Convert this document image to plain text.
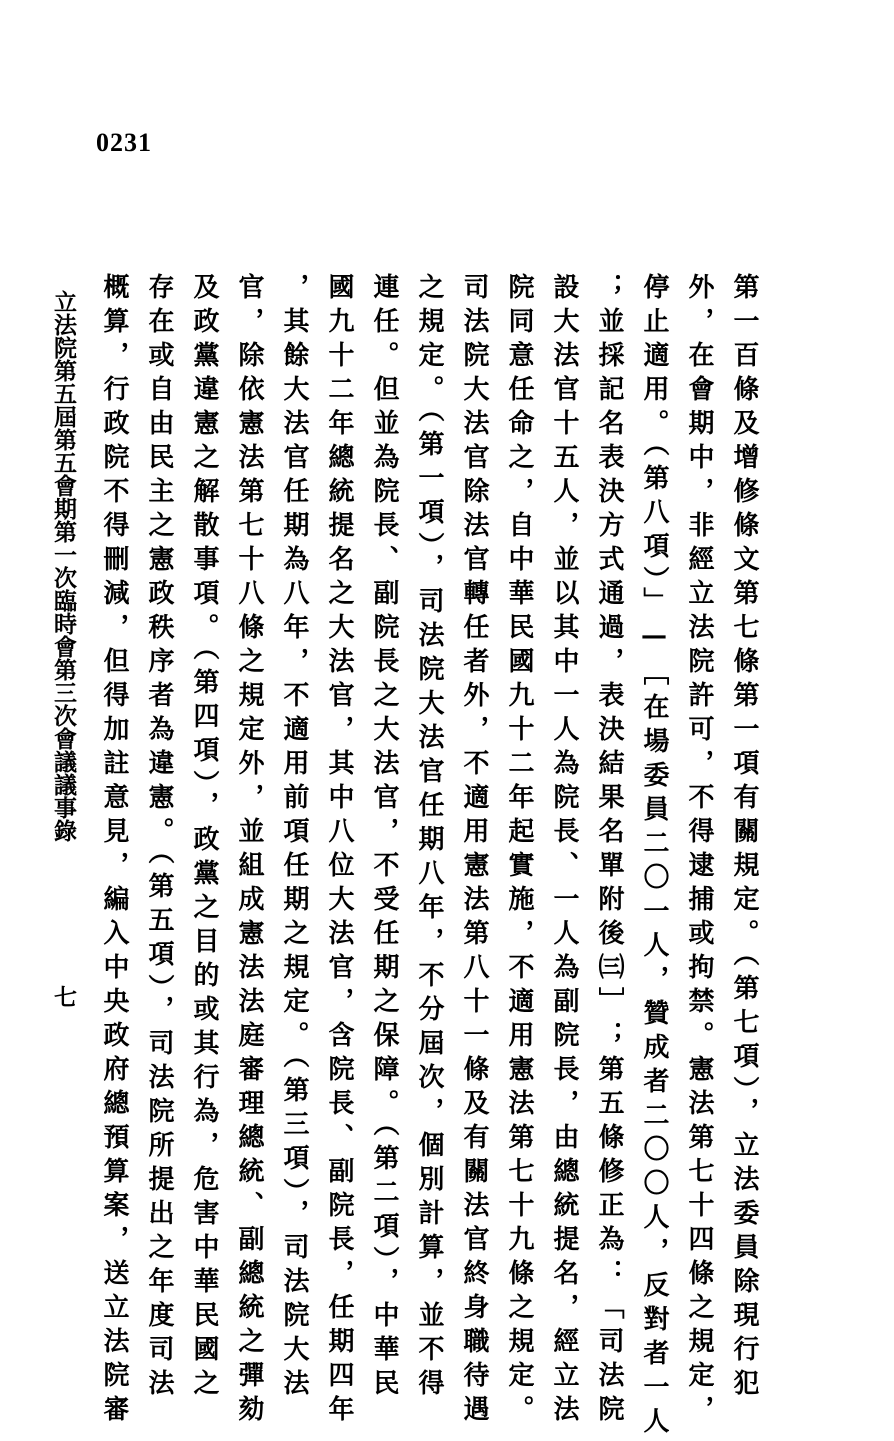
0231
第一百條及增修條文第七條第一項有關規定。（第七項），立法委員除現行犯
外，在會期中，非經立法院許可，不得逮捕或拘禁。憲法第七十四條之規定，
停止適用。（第八項）」—［在場委員二〇一人，贊成者二〇〇人，反對者一人
；並採記名表決方式通過，表決結果名單附後㈢］；第五條修正為：「司法院
設大法官十五人，並以其中一人為院長、一人為副院長，由總統提名，經立法
院同意任命之，自中華民國九十二年起實施，不適用憲法第七十九條之規定。
司法院大法官除法官轉任者外，不適用憲法第八十一條及有關法官終身職待遇
之規定。（第一項），司法院大法官任期八年，不分屆次，個別計算，並不得
連任。但並為院長、副院長之大法官，不受任期之保障。（第二項），中華民
國九十二年總統提名之大法官，其中八位大法官，含院長、副院長，任期四年
，其餘大法官任期為八年，不適用前項任期之規定。（第三項），司法院大法
官，除依憲法第七十八條之規定外，並組成憲法法庭審理總統、副總統之彈劾
及政黨違憲之解散事項。（第四項），政黨之目的或其行為，危害中華民國之
存在或自由民主之憲政秩序者為違憲。（第五項），司法院所提出之年度司法
概算，行政院不得刪減，但得加註意見，編入中央政府總預算案，送立法院審
立法院第五屆第五會期第一次臨時會第三次會議議事錄
七
